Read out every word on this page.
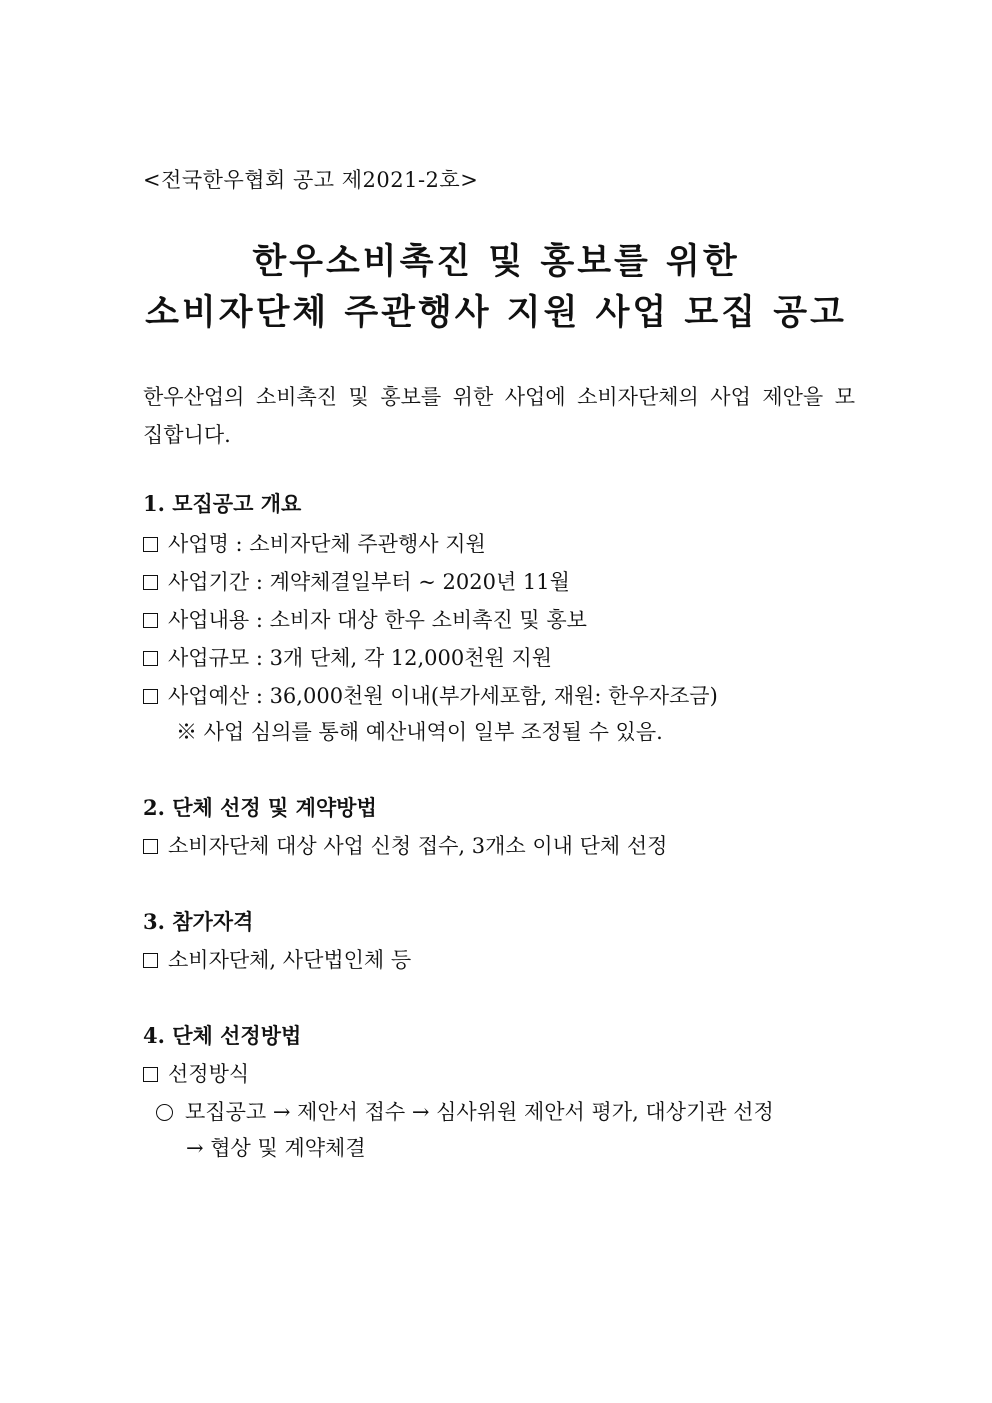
<전국한우협회 공고 제2021-2호>
한우소비촉진 및 홍보를 위한
소비자단체 주관행사 지원 사업 모집 공고
한우산업의 소비촉진 및 홍보를 위한 사업에 소비자단체의 사업 제안을 모집합니다.
1. 모집공고 개요
사업명 : 소비자단체 주관행사 지원
사업기간 : 계약체결일부터 ~ 2020년 11월
사업내용 : 소비자 대상 한우 소비촉진 및 홍보
사업규모 : 3개 단체, 각 12,000천원 지원
사업예산 : 36,000천원 이내(부가세포함, 재원: 한우자조금)
※ 사업 심의를 통해 예산내역이 일부 조정될 수 있음.
2. 단체 선정 및 계약방법
소비자단체 대상 사업 신청 접수, 3개소 이내 단체 선정
3. 참가자격
소비자단체, 사단법인체 등
4. 단체 선정방법
선정방식
모집공고 → 제안서 접수 → 심사위원 제안서 평가, 대상기관 선정
→ 협상 및 계약체결
